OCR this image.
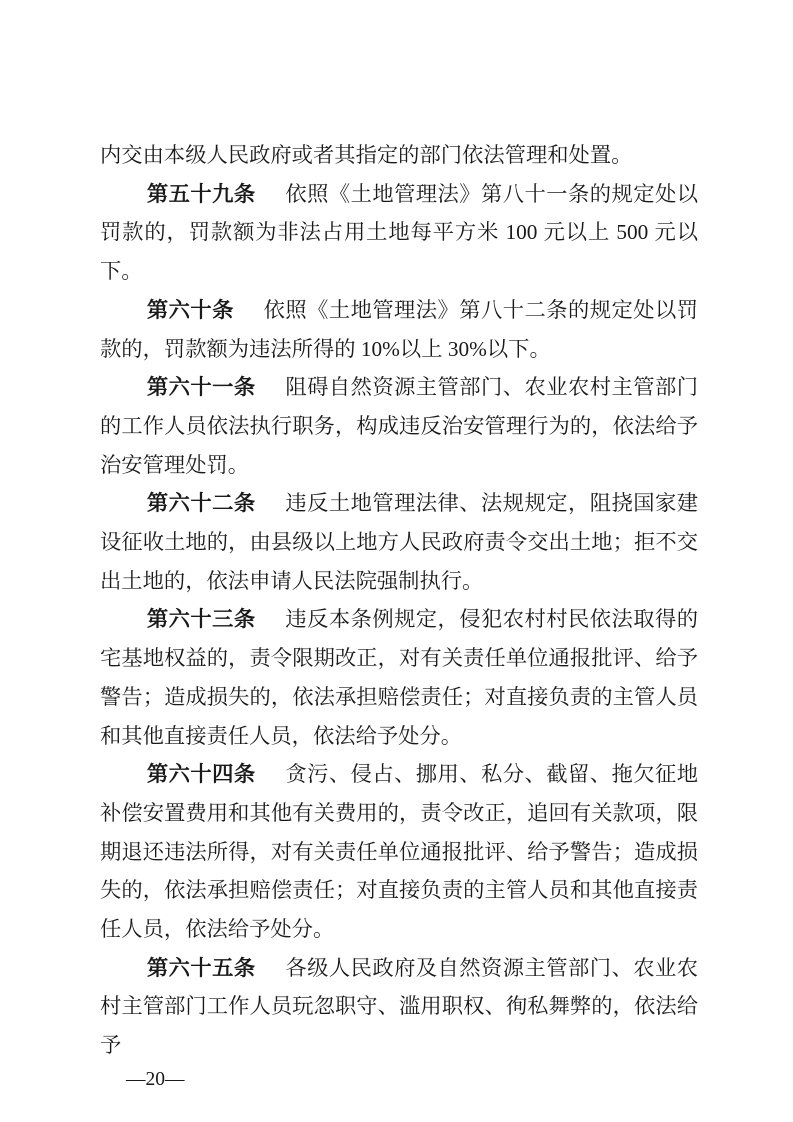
内交由本级人民政府或者其指定的部门依法管理和处置。

第五十九条 依照《土地管理法》第八十一条的规定处以罚款的，罚款额为非法占用土地每平方米 100 元以上 500 元以下。

第六十条 依照《土地管理法》第八十二条的规定处以罚款的，罚款额为违法所得的 10%以上 30%以下。

第六十一条 阻碍自然资源主管部门、农业农村主管部门的工作人员依法执行职务，构成违反治安管理行为的，依法给予治安管理处罚。

第六十二条 违反土地管理法律、法规规定，阻挠国家建设征收土地的，由县级以上地方人民政府责令交出土地；拒不交出土地的，依法申请人民法院强制执行。

第六十三条 违反本条例规定，侵犯农村村民依法取得的宅基地权益的，责令限期改正，对有关责任单位通报批评、给予警告；造成损失的，依法承担赔偿责任；对直接负责的主管人员和其他直接责任人员，依法给予处分。

第六十四条 贪污、侵占、挪用、私分、截留、拖欠征地补偿安置费用和其他有关费用的，责令改正，追回有关款项，限期退还违法所得，对有关责任单位通报批评、给予警告；造成损失的，依法承担赔偿责任；对直接负责的主管人员和其他直接责任人员，依法给予处分。

第六十五条 各级人民政府及自然资源主管部门、农业农村主管部门工作人员玩忽职守、滥用职权、徇私舞弊的，依法给予

—20—
